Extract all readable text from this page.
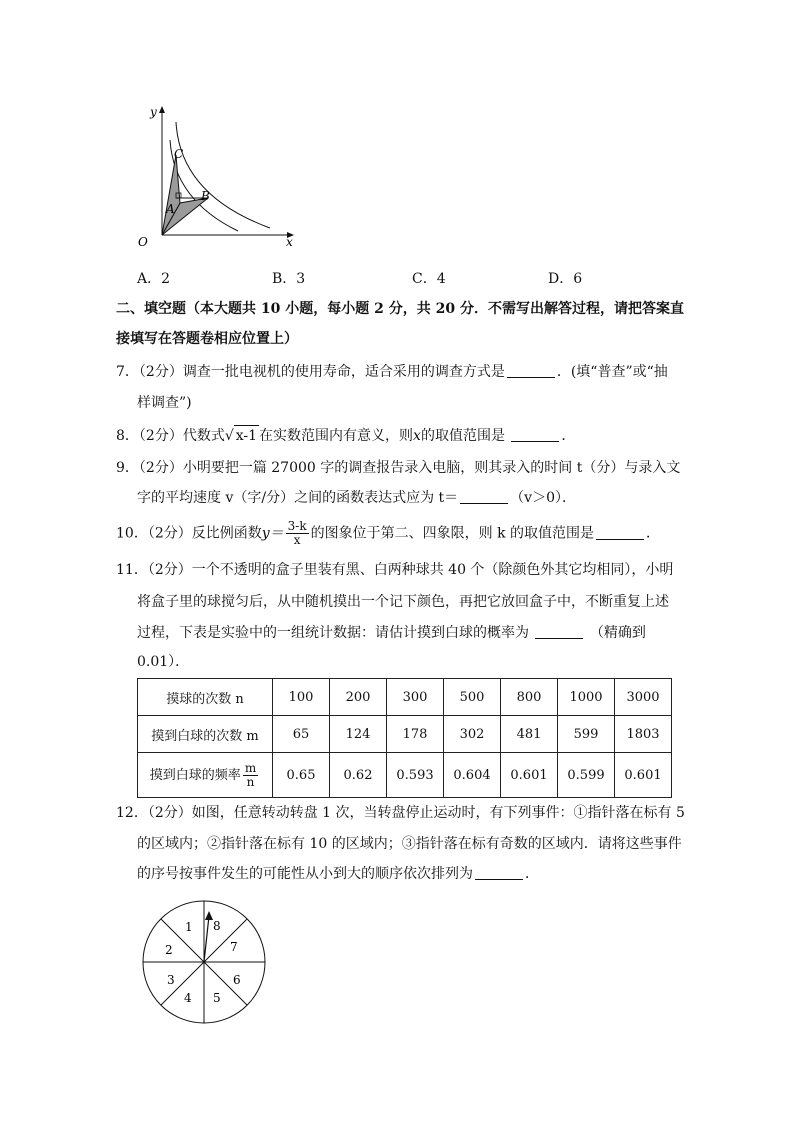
y
x
O
C
B
A
A．2	B．3	C．4	D．6
二、填空题（本大题共 10 小题，每小题 2 分，共 20 分．不需写出解答过程，请把答案直
接填写在答题卷相应位置上）
7．（2分）调查一批电视机的使用寿命，适合采用的调查方式是	．(填“普查”或“抽
样调查”)
8．（2分）代数式√ x-1 在实数范围内有意义，则x的取值范围是	．
9．（2分）小明要把一篇 27000 字的调查报告录入电脑，则其录入的时间 t（分）与录入文
字的平均速度 v（字/分）之间的函数表达式应为 t＝	（v＞0）．
10．（2分）反比例函数$y= \frac{3-k}{x}$ 的图象位于第二、四象限，则 k 的取值范围是	．
11．（2分）一个不透明的盒子里装有黑、白两种球共 40 个（除颜色外其它均相同），小明
将盒子里的球搅匀后，从中随机摸出一个记下颜色，再把它放回盒子中，不断重复上述
过程，下表是实验中的一组统计数据：请估计摸到白球的概率为	（精确到
0.01）．
摸球的次数 n	100	200	300	500	800	1000	3000
摸到白球的次数 m	65	124	178	302	481	599	1803
摸到白球的频率 $\frac{m}{n}$	0.65	0.62	0.593	0.604	0.601	0.599	0.601
12．（2分）如图，任意转动转盘 1 次，当转盘停止运动时，有下列事件：①指针落在标有 5
的区域内；②指针落在标有 10 的区域内；③指针落在标有奇数的区域内．请将这些事件
的序号按事件发生的可能性从小到大的顺序依次排列为	．
1
2
3
4 5
6
7
8
